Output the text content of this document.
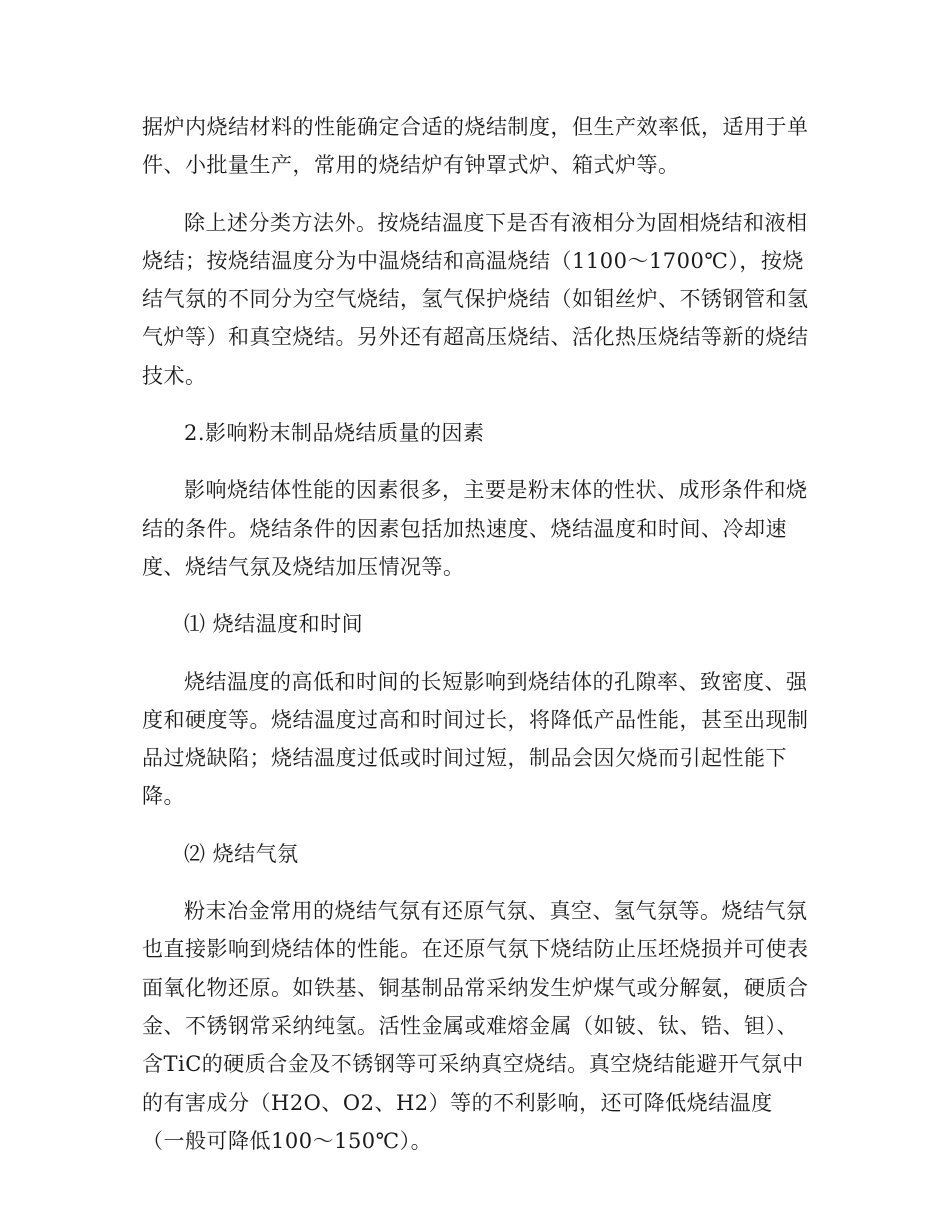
据炉内烧结材料的性能确定合适的烧结制度，但生产效率低，适用于单件、小批量生产，常用的烧结炉有钟罩式炉、箱式炉等。

除上述分类方法外。按烧结温度下是否有液相分为固相烧结和液相烧结；按烧结温度分为中温烧结和高温烧结（1100～1700℃），按烧结气氛的不同分为空气烧结，氢气保护烧结（如钼丝炉、不锈钢管和氢气炉等）和真空烧结。另外还有超高压烧结、活化热压烧结等新的烧结技术。

2.影响粉末制品烧结质量的因素

影响烧结体性能的因素很多，主要是粉末体的性状、成形条件和烧结的条件。烧结条件的因素包括加热速度、烧结温度和时间、冷却速度、烧结气氛及烧结加压情况等。

⑴ 烧结温度和时间

烧结温度的高低和时间的长短影响到烧结体的孔隙率、致密度、强度和硬度等。烧结温度过高和时间过长，将降低产品性能，甚至出现制品过烧缺陷；烧结温度过低或时间过短，制品会因欠烧而引起性能下降。

⑵ 烧结气氛

粉末冶金常用的烧结气氛有还原气氛、真空、氢气氛等。烧结气氛也直接影响到烧结体的性能。在还原气氛下烧结防止压坯烧损并可使表面氧化物还原。如铁基、铜基制品常采纳发生炉煤气或分解氨，硬质合金、不锈钢常采纳纯氢。活性金属或难熔金属（如铍、钛、锆、钽）、含TiC的硬质合金及不锈钢等可采纳真空烧结。真空烧结能避开气氛中的有害成分（H2O、O2、H2）等的不利影响，还可降低烧结温度（一般可降低100～150℃）。
